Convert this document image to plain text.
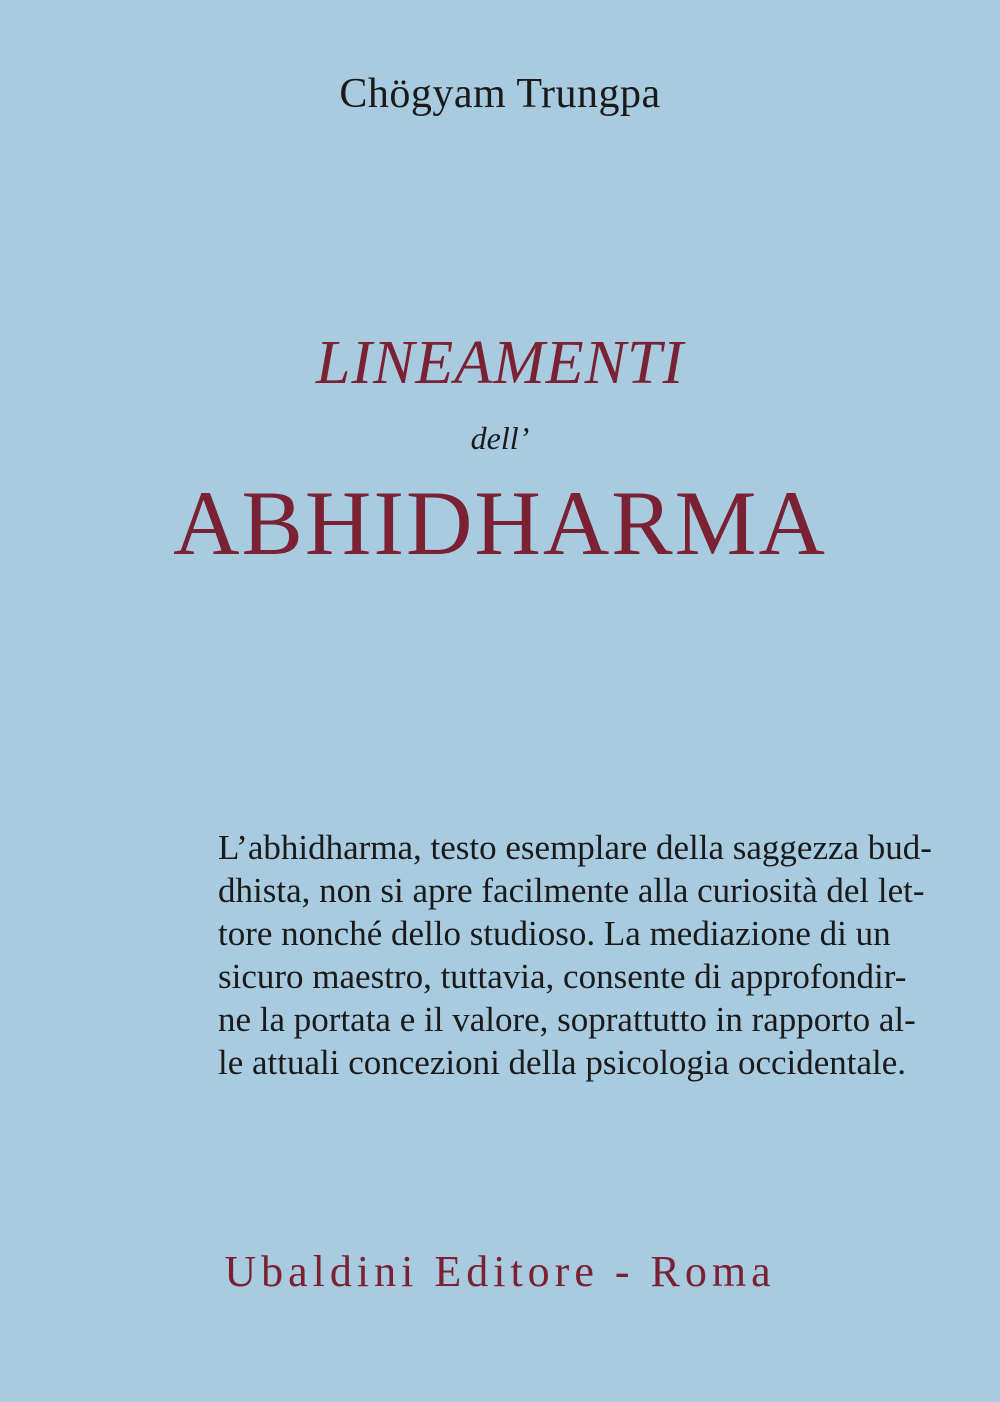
Chögyam Trungpa
LINEAMENTI
dell’
ABHIDHARMA
L’abhidharma, testo esemplare della saggezza bud-
dhista, non si apre facilmente alla curiosità del let-
tore nonché dello studioso. La mediazione di un
sicuro maestro, tuttavia, consente di approfondir-
ne la portata e il valore, soprattutto in rapporto al-
le attuali concezioni della psicologia occidentale.
Ubaldini Editore - Roma
